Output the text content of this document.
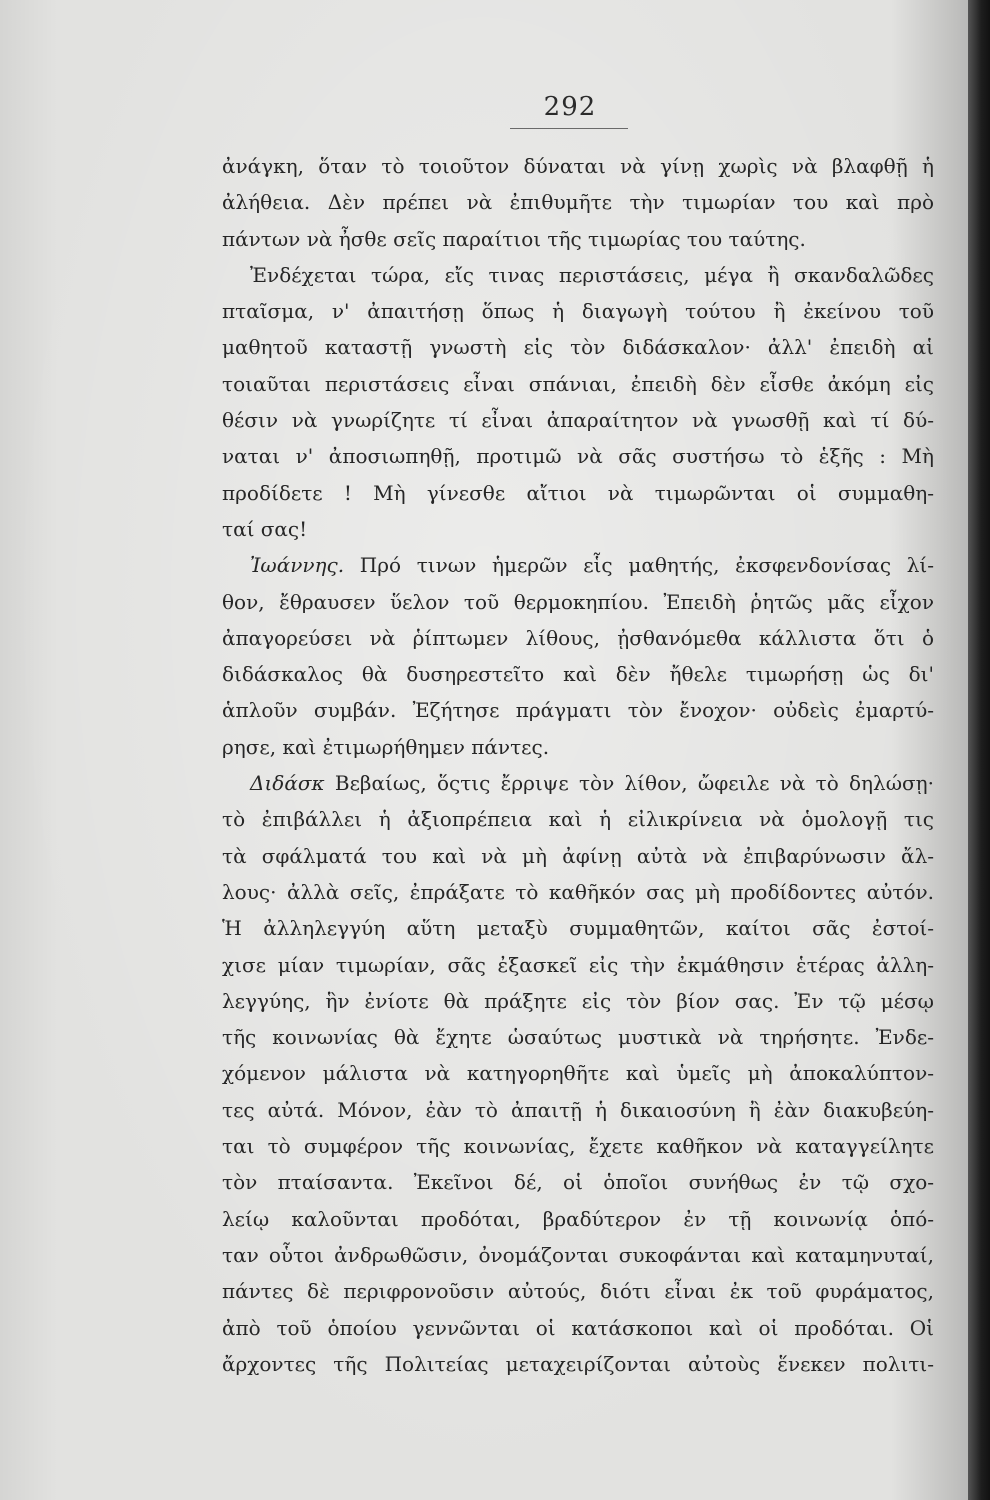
292
ἀνάγκη, ὅταν τὸ τοιοῦτον δύναται νὰ γίνῃ χωρὶς νὰ βλαφθῇ ἡ
ἀλήθεια. Δὲν πρέπει νὰ ἐπιθυμῆτε τὴν τιμωρίαν του καὶ πρὸ
πάντων νὰ ἦσθε σεῖς παραίτιοι τῆς τιμωρίας του ταύτης.
Ἐνδέχεται τώρα, εἴς τινας περιστάσεις, μέγα ἢ σκανδαλῶδες
πταῖσμα, ν' ἀπαιτήσῃ ὅπως ἡ διαγωγὴ τούτου ἢ ἐκείνου τοῦ
μαθητοῦ καταστῇ γνωστὴ εἰς τὸν διδάσκαλον· ἀλλ' ἐπειδὴ αἱ
τοιαῦται περιστάσεις εἶναι σπάνιαι, ἐπειδὴ δὲν εἶσθε ἀκόμη εἰς
θέσιν νὰ γνωρίζητε τί εἶναι ἀπαραίτητον νὰ γνωσθῇ καὶ τί δύ-
ναται ν' ἀποσιωπηθῇ, προτιμῶ νὰ σᾶς συστήσω τὸ ἑξῆς : Μὴ
προδίδετε ! Μὴ γίνεσθε αἴτιοι νὰ τιμωρῶνται οἱ συμμαθη-
ταί σας!
Ἰωάννης. Πρό τινων ἡμερῶν εἷς μαθητής, ἐκσφενδονίσας λί-
θον, ἔθραυσεν ὕελον τοῦ θερμοκηπίου. Ἐπειδὴ ῥητῶς μᾶς εἶχον
ἀπαγορεύσει νὰ ῥίπτωμεν λίθους, ᾐσθανόμεθα κάλλιστα ὅτι ὁ
διδάσκαλος θὰ δυσηρεστεῖτο καὶ δὲν ἤθελε τιμωρήσῃ ὡς δι'
ἁπλοῦν συμβάν. Ἐζήτησε πράγματι τὸν ἔνοχον· οὐδεὶς ἐμαρτύ-
ρησε, καὶ ἐτιμωρήθημεν πάντες.
Διδάσκ Βεβαίως, ὅςτις ἔρριψε τὸν λίθον, ὤφειλε νὰ τὸ δηλώσῃ·
τὸ ἐπιβάλλει ἡ ἀξιοπρέπεια καὶ ἡ εἰλικρίνεια νὰ ὁμολογῇ τις
τὰ σφάλματά του καὶ νὰ μὴ ἀφίνῃ αὐτὰ νὰ ἐπιβαρύνωσιν ἄλ-
λους· ἀλλὰ σεῖς, ἐπράξατε τὸ καθῆκόν σας μὴ προδίδοντες αὐτόν.
Ἡ ἀλληλεγγύη αὕτη μεταξὺ συμμαθητῶν, καίτοι σᾶς ἐστοί-
χισε μίαν τιμωρίαν, σᾶς ἐξασκεῖ εἰς τὴν ἐκμάθησιν ἑτέρας ἀλλη-
λεγγύης, ἣν ἐνίοτε θὰ πράξητε εἰς τὸν βίον σας. Ἐν τῷ μέσῳ
τῆς κοινωνίας θὰ ἔχητε ὡσαύτως μυστικὰ νὰ τηρήσητε. Ἐνδε-
χόμενον μάλιστα νὰ κατηγορηθῆτε καὶ ὑμεῖς μὴ ἀποκαλύπτον-
τες αὐτά. Μόνον, ἐὰν τὸ ἀπαιτῇ ἡ δικαιοσύνη ἢ ἐὰν διακυβεύη-
ται τὸ συμφέρον τῆς κοινωνίας, ἔχετε καθῆκον νὰ καταγγείλητε
τὸν πταίσαντα. Ἐκεῖνοι δέ, οἱ ὁποῖοι συνήθως ἐν τῷ σχο-
λείῳ καλοῦνται προδόται, βραδύτερον ἐν τῇ κοινωνίᾳ ὁπό-
ταν οὗτοι ἀνδρωθῶσιν, ὀνομάζονται συκοφάνται καὶ καταμηνυταί,
πάντες δὲ περιφρονοῦσιν αὐτούς, διότι εἶναι ἐκ τοῦ φυράματος,
ἀπὸ τοῦ ὁποίου γεννῶνται οἱ κατάσκοποι καὶ οἱ προδόται. Οἱ
ἄρχοντες τῆς Πολιτείας μεταχειρίζονται αὐτοὺς ἕνεκεν πολιτι-
